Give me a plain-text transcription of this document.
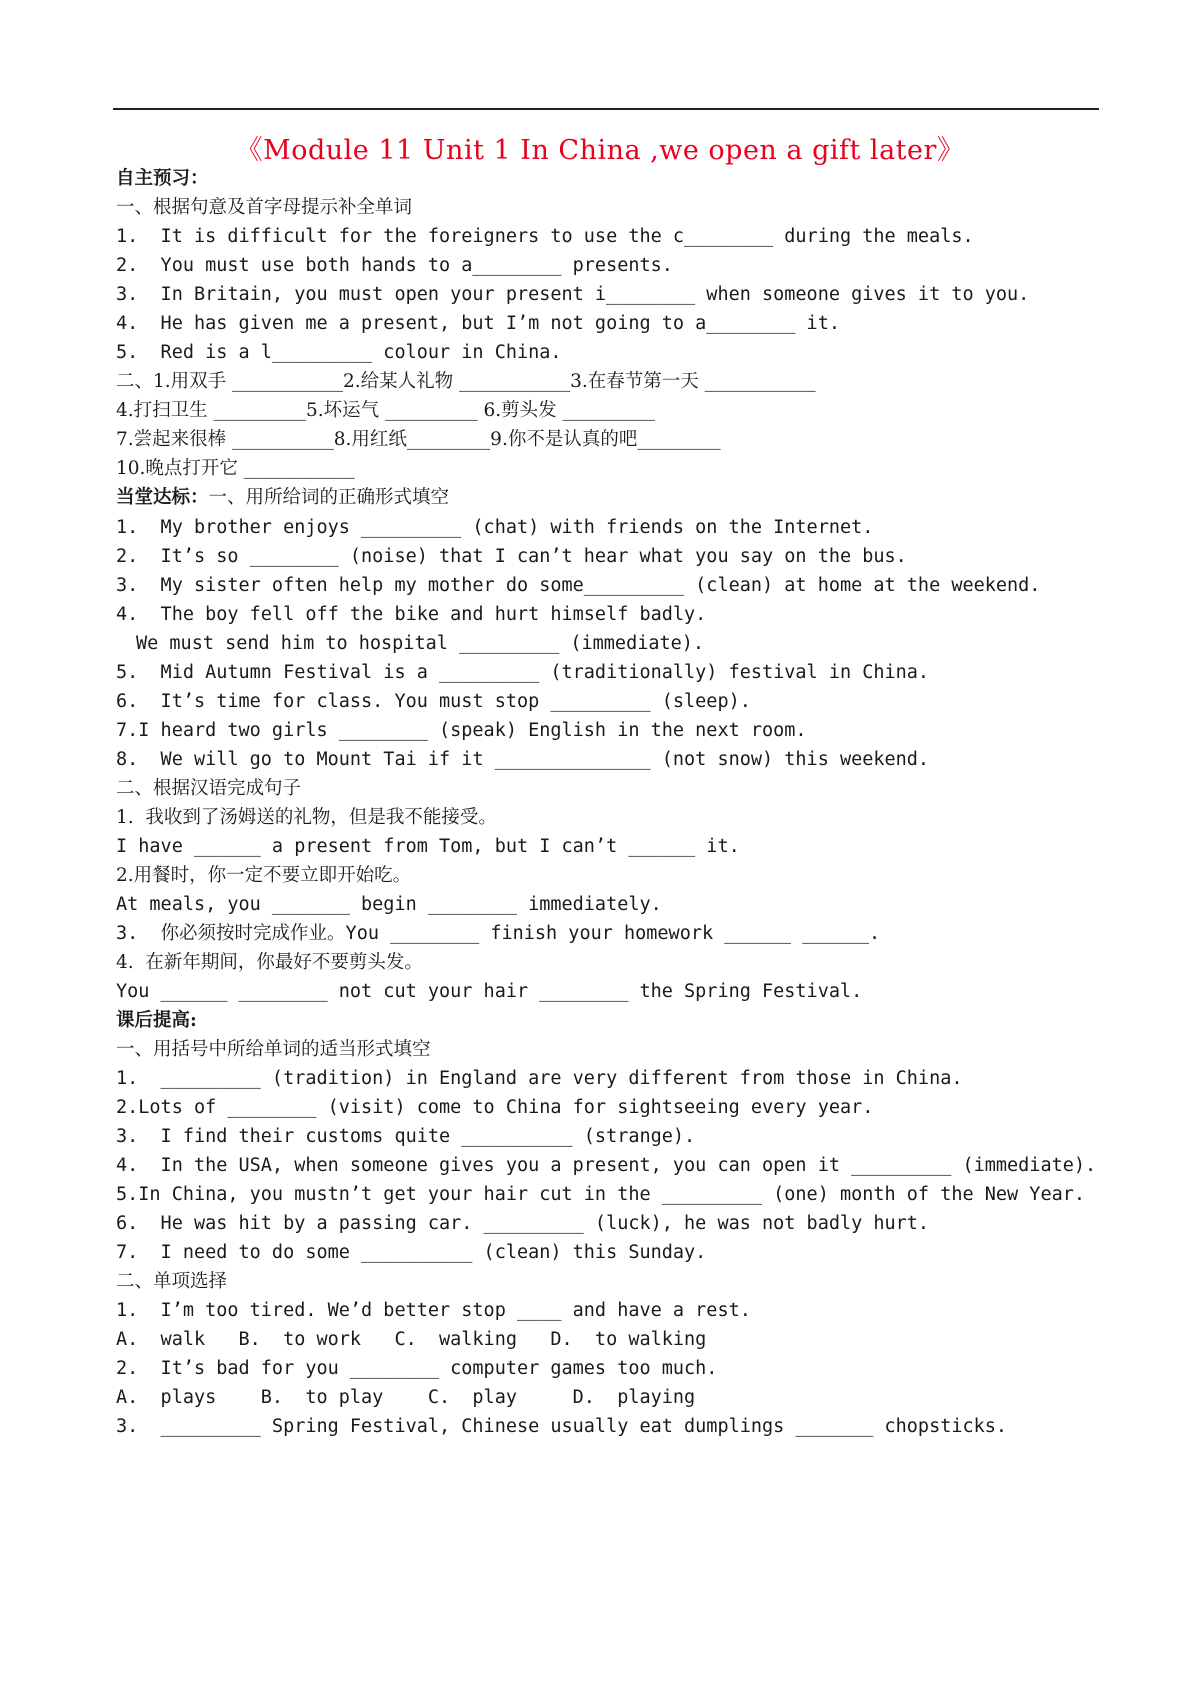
《Module 11 Unit 1 In China ,we open a gift later》
自主预习：
一、根据句意及首字母提示补全单词
1.  It is difficult for the foreigners to use the c________ during the meals.
2.  You must use both hands to a________ presents.
3.  In Britain, you must open your present i________ when someone gives it to you.
4.  He has given me a present, but I’m not going to a________ it.
5.  Red is a l_________ colour in China.
二、1.用双手 ____________2.给某人礼物 ____________3.在春节第一天 ____________
4.打扫卫生 __________5.坏运气 __________ 6.剪头发 __________
7.尝起来很棒 ___________8.用红纸_________9.你不是认真的吧_________
10.晚点打开它 ____________
当堂达标：一、用所给词的正确形式填空
1.  My brother enjoys _________ (chat) with friends on the Internet.
2.  It’s so ________ (noise) that I can’t hear what you say on the bus.
3.  My sister often help my mother do some_________ (clean) at home at the weekend.
4.  The boy fell off the bike and hurt himself badly.
We must send him to hospital _________ (immediate).
5.  Mid Autumn Festival is a _________ (traditionally) festival in China.
6.  It’s time for class. You must stop _________ (sleep).
7.I heard two girls ________ (speak) English in the next room.
8.  We will go to Mount Tai if it ______________ (not snow) this weekend.
二、根据汉语完成句子
1.  我收到了汤姆送的礼物，但是我不能接受。
I have ______ a present from Tom, but I can’t ______ it.
2.用餐时，你一定不要立即开始吃。
At meals, you _______ begin ________ immediately.
3.  你必须按时完成作业。You ________ finish your homework ______ ______.
4.  在新年期间，你最好不要剪头发。
You ______ ________ not cut your hair ________ the Spring Festival.
课后提高:
一、用括号中所给单词的适当形式填空
1.  _________ (tradition) in England are very different from those in China.
2.Lots of ________ (visit) come to China for sightseeing every year.
3.  I find their customs quite __________ (strange).
4.  In the USA, when someone gives you a present, you can open it _________ (immediate).
5.In China, you mustn’t get your hair cut in the _________ (one) month of the New Year.
6.  He was hit by a passing car. _________ (luck), he was not badly hurt.
7.  I need to do some __________ (clean) this Sunday.
二、单项选择
1.  I’m too tired. We’d better stop ____ and have a rest.
A.  walk   B.  to work   C.  walking   D.  to walking
2.  It’s bad for you ________ computer games too much.
A.  plays    B.  to play    C.  play     D.  playing
3.  _________ Spring Festival, Chinese usually eat dumplings _______ chopsticks.
